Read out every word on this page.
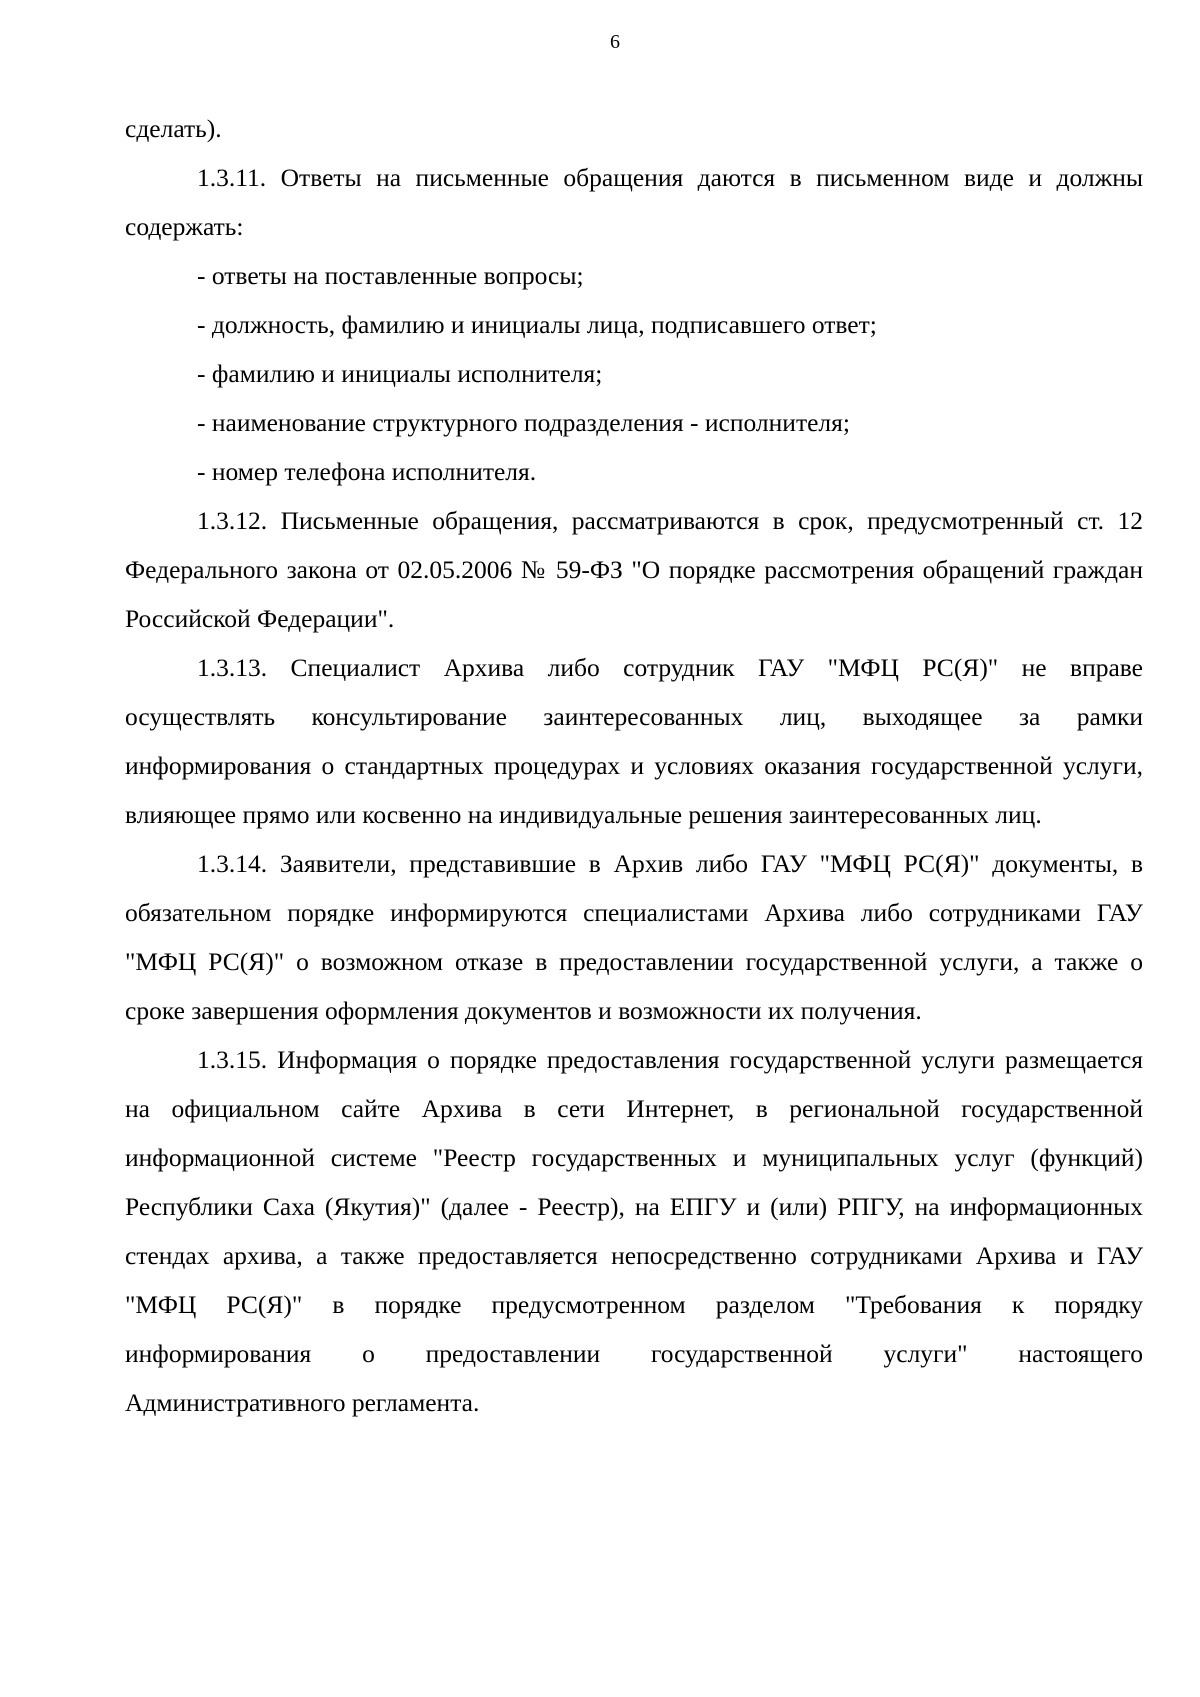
6

сделать).

1.3.11. Ответы на письменные обращения даются в письменном виде и должны содержать:

- ответы на поставленные вопросы;
- должность, фамилию и инициалы лица, подписавшего ответ;
- фамилию и инициалы исполнителя;
- наименование структурного подразделения - исполнителя;
- номер телефона исполнителя.

1.3.12. Письменные обращения, рассматриваются в срок, предусмотренный ст. 12 Федерального закона от 02.05.2006 № 59-ФЗ "О порядке рассмотрения обращений граждан Российской Федерации".

1.3.13. Специалист Архива либо сотрудник ГАУ "МФЦ РС(Я)" не вправе осуществлять консультирование заинтересованных лиц, выходящее за рамки информирования о стандартных процедурах и условиях оказания государственной услуги, влияющее прямо или косвенно на индивидуальные решения заинтересованных лиц.

1.3.14. Заявители, представившие в Архив либо ГАУ "МФЦ РС(Я)" документы, в обязательном порядке информируются специалистами Архива либо сотрудниками ГАУ "МФЦ РС(Я)" о возможном отказе в предоставлении государственной услуги, а также о сроке завершения оформления документов и возможности их получения.

1.3.15. Информация о порядке предоставления государственной услуги размещается на официальном сайте Архива в сети Интернет, в региональной государственной информационной системе "Реестр государственных и муниципальных услуг (функций) Республики Саха (Якутия)" (далее - Реестр), на ЕПГУ и (или) РПГУ, на информационных стендах архива, а также предоставляется непосредственно сотрудниками Архива и ГАУ "МФЦ РС(Я)" в порядке предусмотренном разделом "Требования к порядку информирования о предоставлении государственной услуги" настоящего Административного регламента.
